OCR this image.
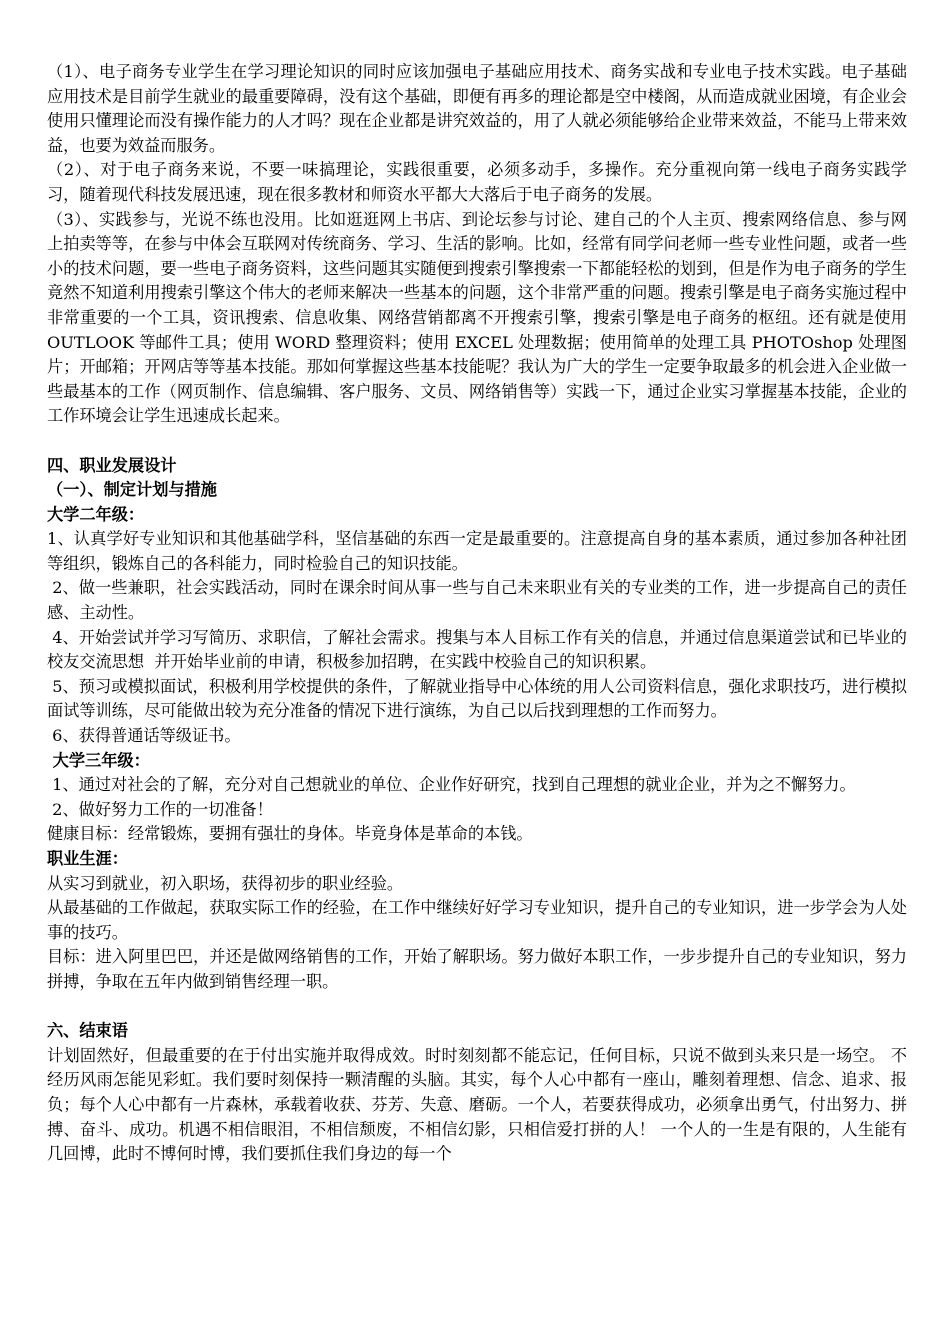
（1）、电子商务专业学生在学习理论知识的同时应该加强电子基础应用技术、商务实战和专业电子技术实践。电子基础应用技术是目前学生就业的最重要障碍，没有这个基础，即便有再多的理论都是空中楼阁，从而造成就业困境，有企业会使用只懂理论而没有操作能力的人才吗？现在企业都是讲究效益的，用了人就必须能够给企业带来效益，不能马上带来效益，也要为效益而服务。

（2）、对于电子商务来说，不要一味搞理论，实践很重要，必须多动手，多操作。充分重视向第一线电子商务实践学习，随着现代科技发展迅速，现在很多教材和师资水平都大大落后于电子商务的发展。

（3）、实践参与，光说不练也没用。比如逛逛网上书店、到论坛参与讨论、建自己的个人主页、搜索网络信息、参与网上拍卖等等，在参与中体会互联网对传统商务、学习、生活的影响。比如，经常有同学问老师一些专业性问题，或者一些小的技术问题，要一些电子商务资料，这些问题其实随便到搜索引擎搜索一下都能轻松的划到，但是作为电子商务的学生竟然不知道利用搜索引擎这个伟大的老师来解决一些基本的问题，这个非常严重的问题。搜索引擎是电子商务实施过程中非常重要的一个工具，资讯搜索、信息收集、网络营销都离不开搜索引擎，搜索引擎是电子商务的枢纽。还有就是使用 OUTLOOK 等邮件工具；使用 WORD 整理资料；使用 EXCEL 处理数据；使用简单的处理工具 PHOTOshop 处理图片；开邮箱；开网店等等基本技能。那如何掌握这些基本技能呢？我认为广大的学生一定要争取最多的机会进入企业做一些最基本的工作（网页制作、信息编辑、客户服务、文员、网络销售等）实践一下，通过企业实习掌握基本技能，企业的工作环境会让学生迅速成长起来。

四、职业发展设计

（一）、制定计划与措施

大学二年级：

1、认真学好专业知识和其他基础学科，坚信基础的东西一定是最重要的。注意提高自身的基本素质，通过参加各种社团等组织，锻炼自己的各科能力，同时检验自己的知识技能。

2、做一些兼职，社会实践活动，同时在课余时间从事一些与自己未来职业有关的专业类的工作，进一步提高自己的责任感、主动性。

4、开始尝试并学习写简历、求职信，了解社会需求。搜集与本人目标工作有关的信息，并通过信息渠道尝试和已毕业的校友交流思想  并开始毕业前的申请，积极参加招聘，在实践中校验自己的知识积累。

5、预习或模拟面试，积极利用学校提供的条件，了解就业指导中心体统的用人公司资料信息，强化求职技巧，进行模拟面试等训练，尽可能做出较为充分准备的情况下进行演练，为自己以后找到理想的工作而努力。

6、获得普通话等级证书。

大学三年级：

1、通过对社会的了解，充分对自己想就业的单位、企业作好研究，找到自己理想的就业企业，并为之不懈努力。

2、做好努力工作的一切准备！

健康目标：经常锻炼，要拥有强壮的身体。毕竟身体是革命的本钱。

职业生涯：

从实习到就业，初入职场，获得初步的职业经验。

从最基础的工作做起，获取实际工作的经验，在工作中继续好好学习专业知识，提升自己的专业知识，进一步学会为人处事的技巧。

目标：进入阿里巴巴，并还是做网络销售的工作，开始了解职场。努力做好本职工作，一步步提升自己的专业知识，努力拼搏，争取在五年内做到销售经理一职。

六、结束语

计划固然好，但最重要的在于付出实施并取得成效。时时刻刻都不能忘记，任何目标，只说不做到头来只是一场空。 不经历风雨怎能见彩虹。我们要时刻保持一颗清醒的头脑。其实，每个人心中都有一座山，雕刻着理想、信念、追求、报负；每个人心中都有一片森林，承载着收获、芬芳、失意、磨砺。一个人，若要获得成功，必须拿出勇气，付出努力、拼搏、奋斗、成功。机遇不相信眼泪，不相信颓废，不相信幻影，只相信爱打拼的人！ 一个人的一生是有限的，人生能有几回博，此时不博何时博，我们要抓住我们身边的每一个
